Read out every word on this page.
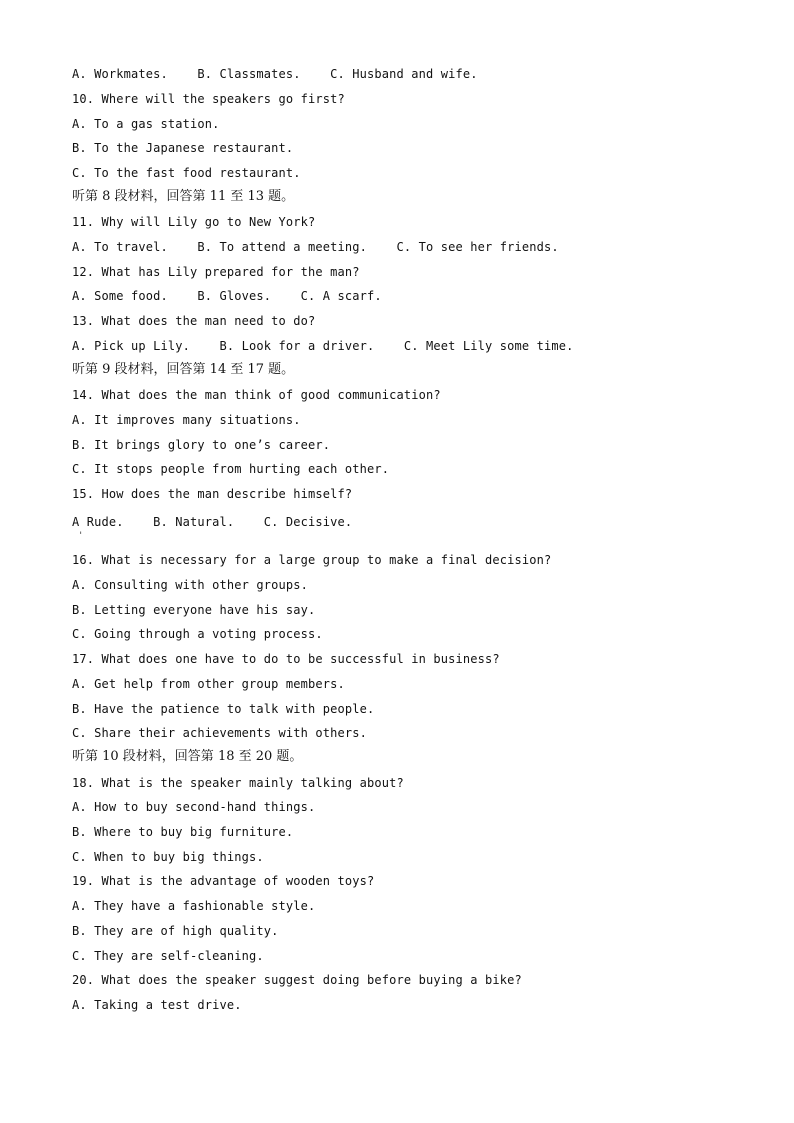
A. Workmates.    B. Classmates.    C. Husband and wife.
10. Where will the speakers go first?
A. To a gas station.
B. To the Japanese restaurant.
C. To the fast food restaurant.
听第 8 段材料，回答第 11 至 13 题。
11. Why will Lily go to New York?
A. To travel.    B. To attend a meeting.    C. To see her friends.
12. What has Lily prepared for the man?
A. Some food.    B. Gloves.    C. A scarf.
13. What does the man need to do?
A. Pick up Lily.    B. Look for a driver.    C. Meet Lily some time.
听第 9 段材料，回答第 14 至 17 题。
14. What does the man think of good communication?
A. It improves many situations.
B. It brings glory to one’s career.
C. It stops people from hurting each other.
15. How does the man describe himself?
A Rude.    B. Natural.    C. Decisive.
'
16. What is necessary for a large group to make a final decision?
A. Consulting with other groups.
B. Letting everyone have his say.
C. Going through a voting process.
17. What does one have to do to be successful in business?
A. Get help from other group members.
B. Have the patience to talk with people.
C. Share their achievements with others.
听第 10 段材料，回答第 18 至 20 题。
18. What is the speaker mainly talking about?
A. How to buy second-hand things.
B. Where to buy big furniture.
C. When to buy big things.
19. What is the advantage of wooden toys?
A. They have a fashionable style.
B. They are of high quality.
C. They are self-cleaning.
20. What does the speaker suggest doing before buying a bike?
A. Taking a test drive.
